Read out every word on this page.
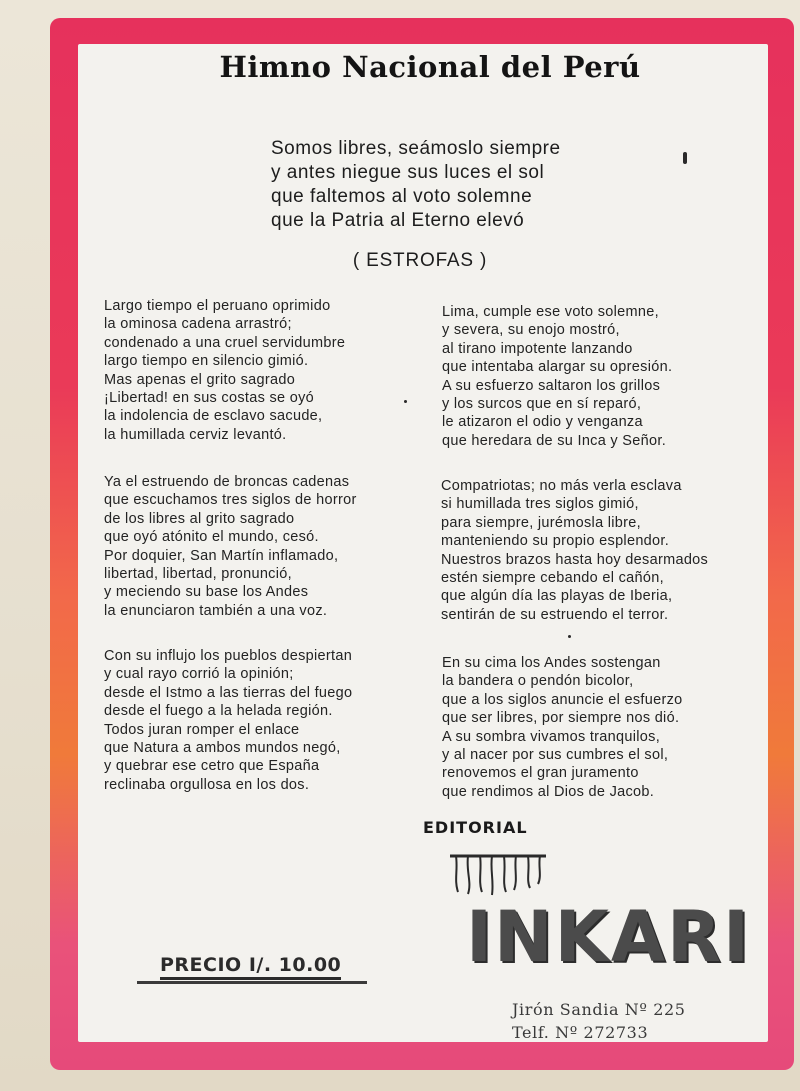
Himno Nacional del Perú
Somos libres, seámoslo siempre
y antes niegue sus luces el sol
que faltemos al voto solemne
que la Patria al Eterno elevó
( ESTROFAS )
Largo tiempo el peruano oprimido
la ominosa cadena arrastró;
condenado a una cruel servidumbre
largo tiempo en silencio gimió.
Mas apenas el grito sagrado
¡Libertad! en sus costas se oyó
la indolencia de esclavo sacude,
la humillada cerviz levantó.
Lima, cumple ese voto solemne,
y severa, su enojo mostró,
al tirano impotente lanzando
que intentaba alargar su opresión.
A su esfuerzo saltaron los grillos
y los surcos que en sí reparó,
le atizaron el odio y venganza
que heredara de su Inca y Señor.
Ya el estruendo de broncas cadenas
que escuchamos tres siglos de horror
de los libres al grito sagrado
que oyó atónito el mundo, cesó.
Por doquier, San Martín inflamado,
libertad, libertad, pronunció,
y meciendo su base los Andes
la enunciaron también a una voz.
Compatriotas; no más verla esclava
si humillada tres siglos gimió,
para siempre, jurémosla libre,
manteniendo su propio esplendor.
Nuestros brazos hasta hoy desarmados
estén siempre cebando el cañón,
que algún día las playas de Iberia,
sentirán de su estruendo el terror.
Con su influjo los pueblos despiertan
y cual rayo corrió la opinión;
desde el Istmo a las tierras del fuego
desde el fuego a la helada región.
Todos juran romper el enlace
que Natura a ambos mundos negó,
y quebrar ese cetro que España
reclinaba orgullosa en los dos.
En su cima los Andes sostengan
la bandera o pendón bicolor,
que a los siglos anuncie el esfuerzo
que ser libres, por siempre nos dió.
A su sombra vivamos tranquilos,
y al nacer por sus cumbres el sol,
renovemos el gran juramento
que rendimos al Dios de Jacob.
EDITORIAL
INKARI
Jirón Sandia Nº 225
Telf. Nº 272733
PRECIO I/. 10.00
